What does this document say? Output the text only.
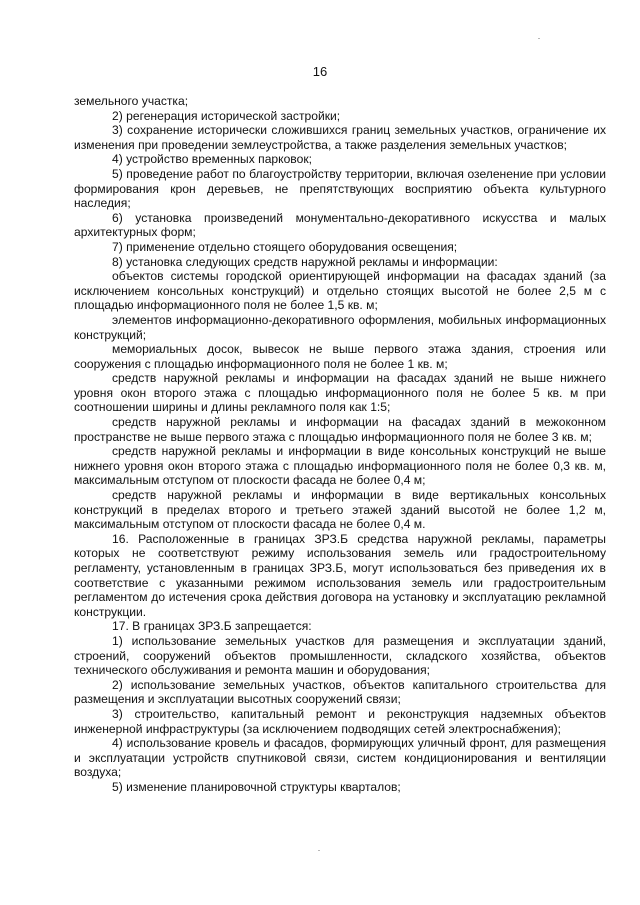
16

земельного участка;

2) регенерация исторической застройки;

3) сохранение исторически сложившихся границ земельных участков, ограничение их изменения при проведении землеустройства, а также разделения земельных участков;

4) устройство временных парковок;

5) проведение работ по благоустройству территории, включая озеленение при условии формирования крон деревьев, не препятствующих восприятию объекта культурного наследия;

6) установка произведений монументально-декоративного искусства и малых архитектурных форм;

7) применение отдельно стоящего оборудования освещения;

8) установка следующих средств наружной рекламы и информации:

объектов системы городской ориентирующей информации на фасадах зданий (за исключением консольных конструкций) и отдельно стоящих высотой не более 2,5 м с площадью информационного поля не более 1,5 кв. м;

элементов информационно-декоративного оформления, мобильных информационных конструкций;

мемориальных досок, вывесок не выше первого этажа здания, строения или сооружения с площадью информационного поля не более 1 кв. м;

средств наружной рекламы и информации на фасадах зданий не выше нижнего уровня окон второго этажа с площадью информационного поля не более 5 кв. м при соотношении ширины и длины рекламного поля как 1:5;

средств наружной рекламы и информации на фасадах зданий в межоконном пространстве не выше первого этажа с площадью информационного поля не более 3 кв. м;

средств наружной рекламы и информации в виде консольных конструкций не выше нижнего уровня окон второго этажа с площадью информационного поля не более 0,3 кв. м, максимальным отступом от плоскости фасада не более 0,4 м;

средств наружной рекламы и информации в виде вертикальных консольных конструкций в пределах второго и третьего этажей зданий высотой не более 1,2 м, максимальным отступом от плоскости фасада не более 0,4 м.

16. Расположенные в границах ЗРЗ.Б средства наружной рекламы, параметры которых не соответствуют режиму использования земель или градостроительному регламенту, установленным в границах ЗРЗ.Б, могут использоваться без приведения их в соответствие с указанными режимом использования земель или градостроительным регламентом до истечения срока действия договора на установку и эксплуатацию рекламной конструкции.

17. В границах ЗРЗ.Б запрещается:

1) использование земельных участков для размещения и эксплуатации зданий, строений, сооружений объектов промышленности, складского хозяйства, объектов технического обслуживания и ремонта машин и оборудования;

2) использование земельных участков, объектов капитального строительства для размещения и эксплуатации высотных сооружений связи;

3) строительство, капитальный ремонт и реконструкция надземных объектов инженерной инфраструктуры (за исключением подводящих сетей электроснабжения);

4) использование кровель и фасадов, формирующих уличный фронт, для размещения и эксплуатации устройств спутниковой связи, систем кондиционирования и вентиляции воздуха;

5) изменение планировочной структуры кварталов;
